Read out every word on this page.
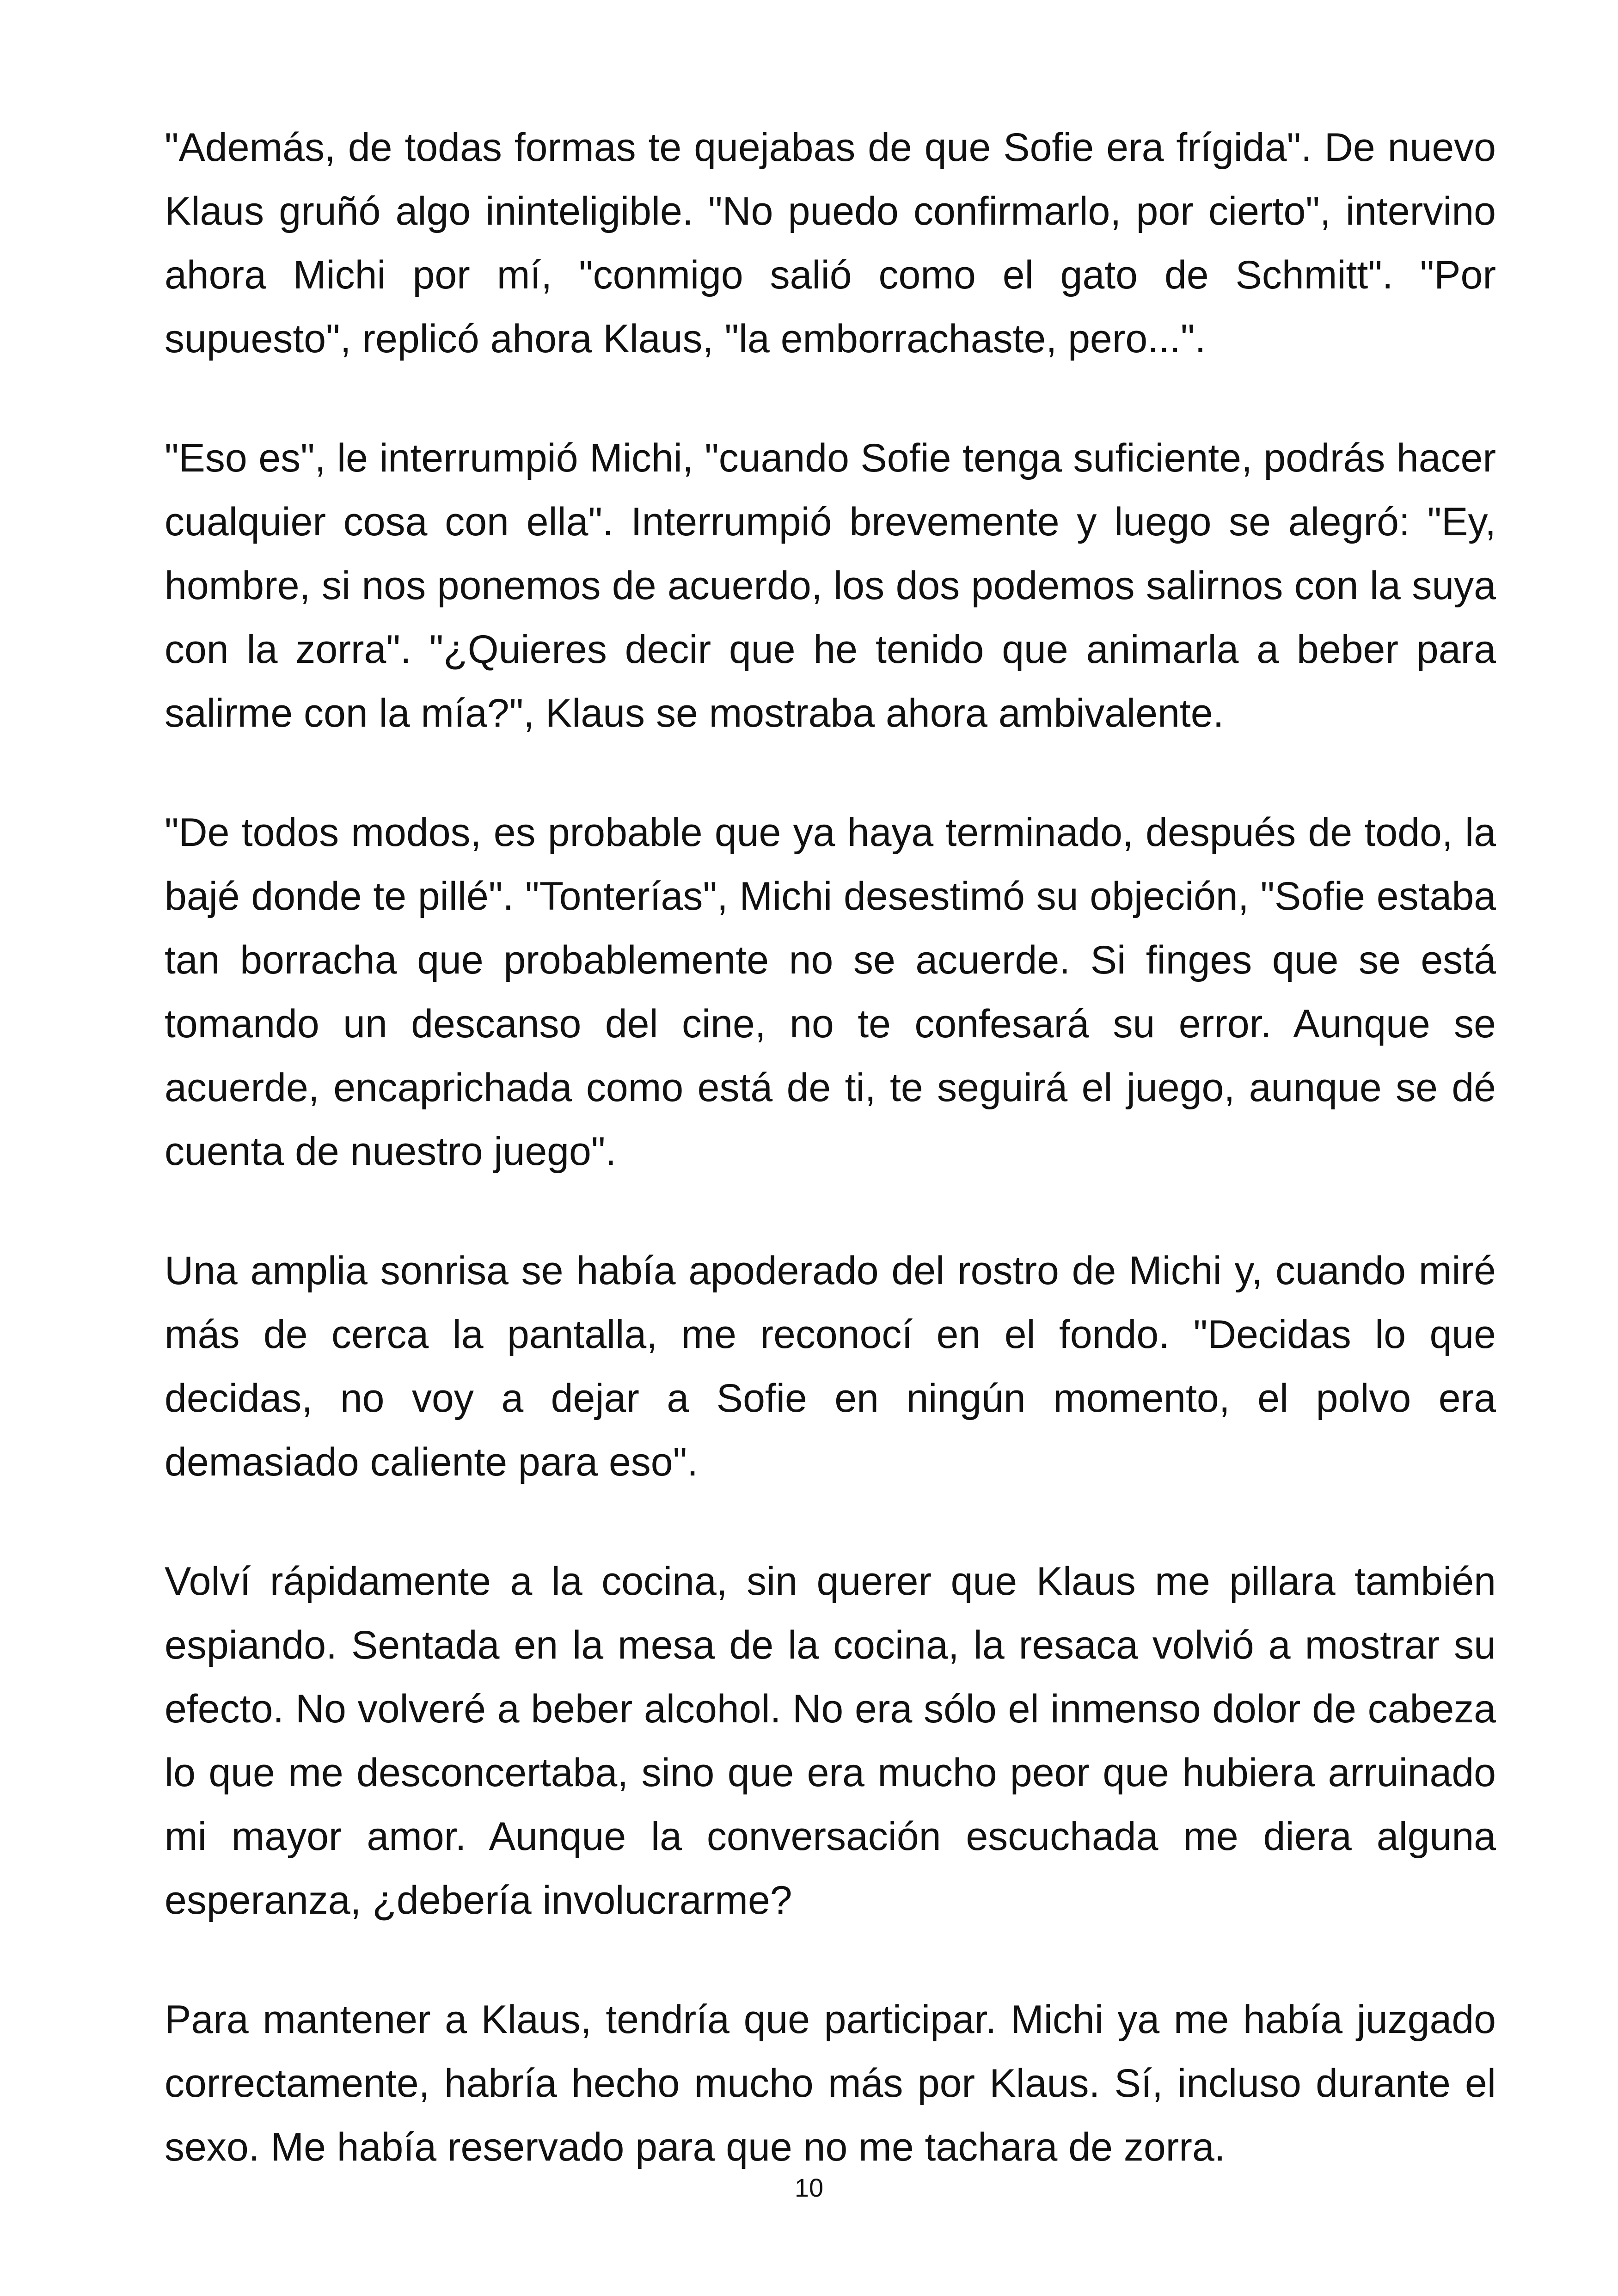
"Además, de todas formas te quejabas de que Sofie era frígida". De nuevo Klaus gruñó algo ininteligible. "No puedo confirmarlo, por cierto", intervino ahora Michi por mí, "conmigo salió como el gato de Schmitt". "Por supuesto", replicó ahora Klaus, "la emborrachaste, pero...".

"Eso es", le interrumpió Michi, "cuando Sofie tenga suficiente, podrás hacer cualquier cosa con ella". Interrumpió brevemente y luego se alegró: "Ey, hombre, si nos ponemos de acuerdo, los dos podemos salirnos con la suya con la zorra". "¿Quieres decir que he tenido que animarla a beber para salirme con la mía?", Klaus se mostraba ahora ambivalente.

"De todos modos, es probable que ya haya terminado, después de todo, la bajé donde te pillé". "Tonterías", Michi desestimó su objeción, "Sofie estaba tan borracha que probablemente no se acuerde. Si finges que se está tomando un descanso del cine, no te confesará su error. Aunque se acuerde, encaprichada como está de ti, te seguirá el juego, aunque se dé cuenta de nuestro juego".

Una amplia sonrisa se había apoderado del rostro de Michi y, cuando miré más de cerca la pantalla, me reconocí en el fondo. "Decidas lo que decidas, no voy a dejar a Sofie en ningún momento, el polvo era demasiado caliente para eso".

Volví rápidamente a la cocina, sin querer que Klaus me pillara también espiando. Sentada en la mesa de la cocina, la resaca volvió a mostrar su efecto. No volveré a beber alcohol. No era sólo el inmenso dolor de cabeza lo que me desconcertaba, sino que era mucho peor que hubiera arruinado mi mayor amor. Aunque la conversación escuchada me diera alguna esperanza, ¿debería involucrarme?

Para mantener a Klaus, tendría que participar. Michi ya me había juzgado correctamente, habría hecho mucho más por Klaus. Sí, incluso durante el sexo. Me había reservado para que no me tachara de zorra.

10
